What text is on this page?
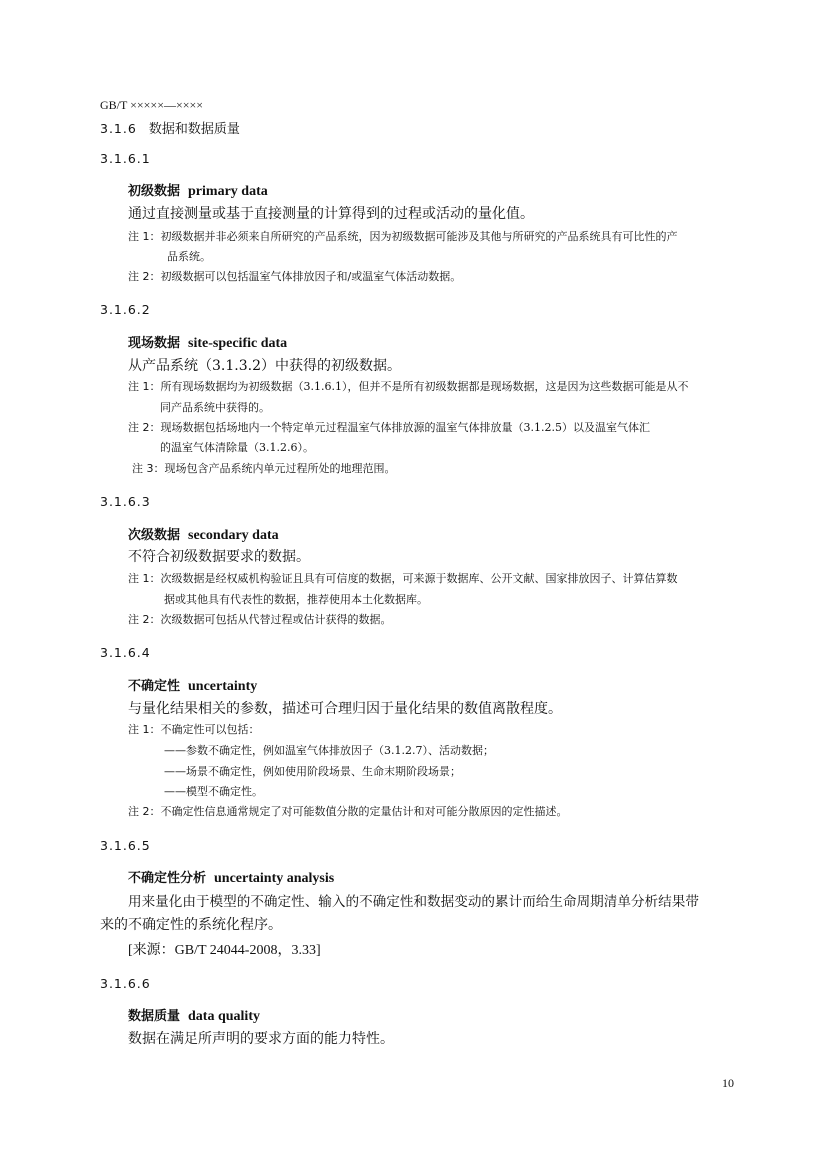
GB/T ×××××—××××
3.1.6 数据和数据质量
3.1.6.1
初级数据 primary data
通过直接测量或基于直接测量的计算得到的过程或活动的量化值。
注 1：初级数据并非必须来自所研究的产品系统，因为初级数据可能涉及其他与所研究的产品系统具有可比性的产
品系统。
注 2：初级数据可以包括温室气体排放因子和/或温室气体活动数据。
3.1.6.2
现场数据 site-specific data
从产品系统（3.1.3.2）中获得的初级数据。
注 1：所有现场数据均为初级数据（3.1.6.1），但并不是所有初级数据都是现场数据，这是因为这些数据可能是从不
同产品系统中获得的。
注 2：现场数据包括场地内一个特定单元过程温室气体排放源的温室气体排放量（3.1.2.5）以及温室气体汇
的温室气体清除量（3.1.2.6）。
注 3：现场包含产品系统内单元过程所处的地理范围。
3.1.6.3
次级数据 secondary data
不符合初级数据要求的数据。
注 1：次级数据是经权威机构验证且具有可信度的数据，可来源于数据库、公开文献、国家排放因子、计算估算数
据或其他具有代表性的数据，推荐使用本土化数据库。
注 2：次级数据可包括从代替过程或估计获得的数据。
3.1.6.4
不确定性 uncertainty
与量化结果相关的参数，描述可合理归因于量化结果的数值离散程度。
注 1：不确定性可以包括：
——参数不确定性，例如温室气体排放因子（3.1.2.7）、活动数据；
——场景不确定性，例如使用阶段场景、生命末期阶段场景；
——模型不确定性。
注 2：不确定性信息通常规定了对可能数值分散的定量估计和对可能分散原因的定性描述。
3.1.6.5
不确定性分析 uncertainty analysis
用来量化由于模型的不确定性、输入的不确定性和数据变动的累计而给生命周期清单分析结果带
来的不确定性的系统化程序。
[来源：GB/T 24044-2008，3.33]
3.1.6.6
数据质量 data quality
数据在满足所声明的要求方面的能力特性。
10
